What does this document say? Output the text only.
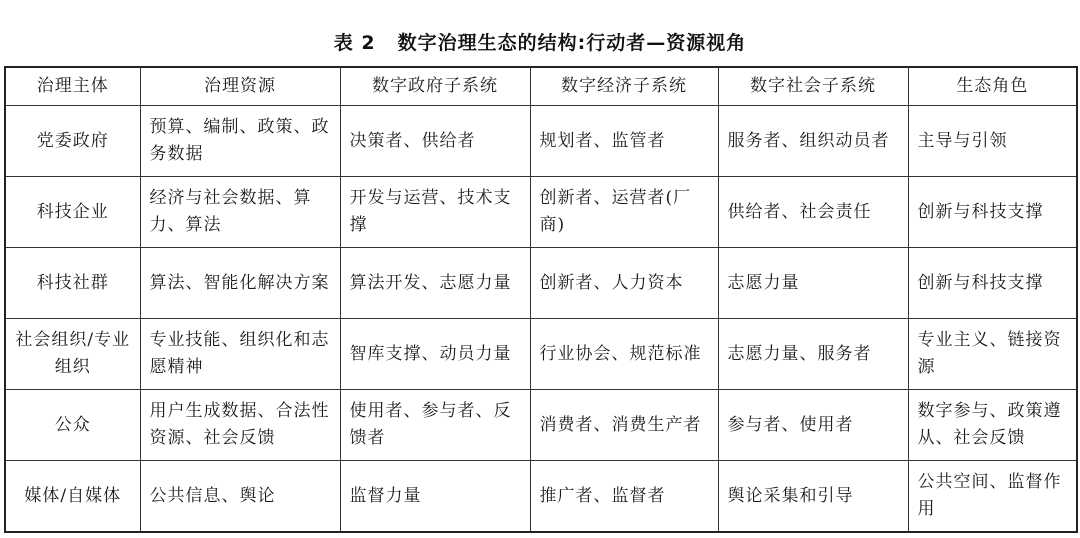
表 2 数字治理生态的结构:行动者—资源视角
治理主体	治理资源	数字政府子系统	数字经济子系统	数字社会子系统	生态角色
党委政府	预算、编制、政策、政务数据	决策者、供给者	规划者、监管者	服务者、组织动员者	主导与引领
科技企业	经济与社会数据、算力、算法	开发与运营、技术支撑	创新者、运营者(厂商)	供给者、社会责任	创新与科技支撑
科技社群	算法、智能化解决方案	算法开发、志愿力量	创新者、人力资本	志愿力量	创新与科技支撑
社会组织/专业组织	专业技能、组织化和志愿精神	智库支撑、动员力量	行业协会、规范标准	志愿力量、服务者	专业主义、链接资源
公众	用户生成数据、合法性资源、社会反馈	使用者、参与者、反馈者	消费者、消费生产者	参与者、使用者	数字参与、政策遵从、社会反馈
媒体/自媒体	公共信息、舆论	监督力量	推广者、监督者	舆论采集和引导	公共空间、监督作用
